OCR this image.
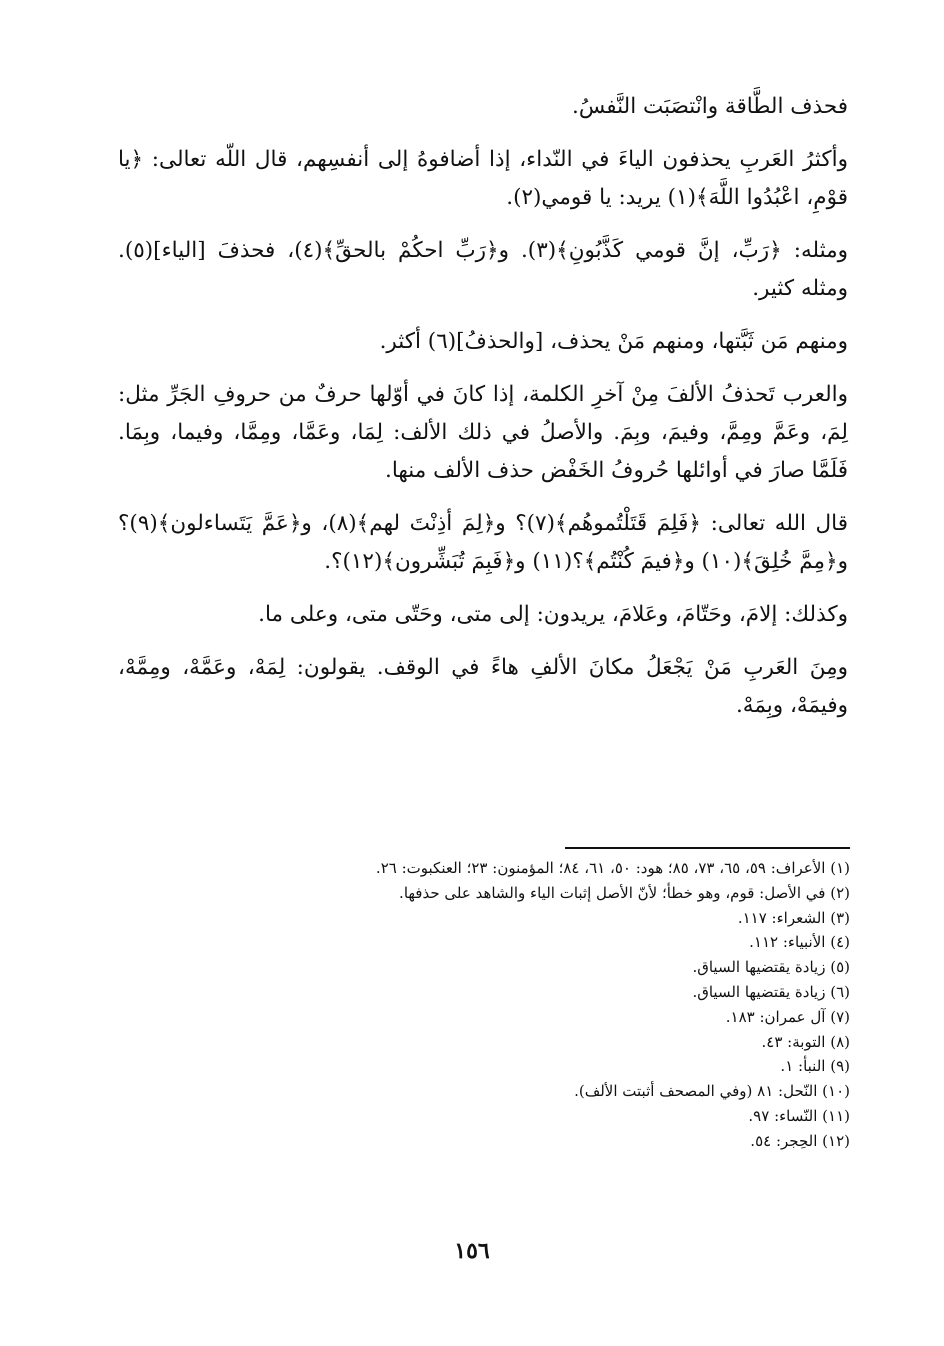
فحذف الطَّاقة وانْتصَبَت النَّفسُ.

وأكثرُ العَربِ يحذفون الياءَ في النّداء، إذا أضافوهُ إلى أنفسِهم، قال اللّه تعالى: ﴿يا قوْمِ، اعْبُدُوا اللَّهَ﴾(١) يريد: يا قومي(٢).

ومثله: ﴿رَبِّ، إنَّ قومي كَذَّبُونِ﴾(٣). و﴿رَبِّ احكُمْ بالحقِّ﴾(٤)، فحذفَ [الياء](٥). ومثله كثير.

ومنهم مَن ثَبَّتها، ومنهم مَنْ يحذف، [والحذفُ](٦) أكثر.

والعرب تَحذفُ الألفَ مِنْ آخرِ الكلمة، إذا كانَ في أوّلها حرفٌ من حروفِ الجَرِّ مثل: لِمَ، وعَمَّ ومِمَّ، وفيمَ، وبِمَ. والأصلُ في ذلك الألف: لِمَا، وعَمَّا، ومِمَّا، وفيما، وبِمَا. فَلَمَّا صارَ في أوائلها حُروفُ الخَفْض حذف الألف منها.

قال الله تعالى: ﴿فَلِمَ قَتَلْتُموهُم﴾(٧)؟ و﴿لِمَ أذِنْتَ لهم﴾(٨)، و﴿عَمَّ يَتَساءلون﴾(٩)؟ و﴿مِمَّ خُلِقَ﴾(١٠) و﴿فيمَ كُنْتُم﴾؟(١١) و﴿فَبِمَ تُبَشِّرون﴾(١٢)؟.

وكذلك: إلامَ، وحَتّامَ، وعَلامَ، يريدون: إلى متى، وحَتّى متى، وعلى ما.

ومِنَ العَربِ مَنْ يَجْعَلُ مكانَ الألفِ هاءً في الوقف. يقولون: لِمَهْ، وعَمَّهْ، ومِمَّهْ، وفيمَهْ، وبِمَهْ.

(١) الأعراف: ٥٩، ٦٥، ٧٣، ٨٥؛ هود: ٥٠، ٦١، ٨٤؛ المؤمنون: ٢٣؛ العنكبوت: ٢٦.
(٢) في الأصل: قوم، وهو خطأ؛ لأنّ الأصل إثبات الياء والشاهد على حذفها.
(٣) الشعراء: ١١٧.
(٤) الأنبياء: ١١٢.
(٥) زيادة يقتضيها السياق.
(٦) زيادة يقتضيها السياق.
(٧) آل عمران: ١٨٣.
(٨) التوبة: ٤٣.
(٩) النبأ: ١.
(١٠) النّحل: ٨١ (وفي المصحف أثبتت الألف).
(١١) النّساء: ٩٧.
(١٢) الحِجر: ٥٤.
١٥٦
